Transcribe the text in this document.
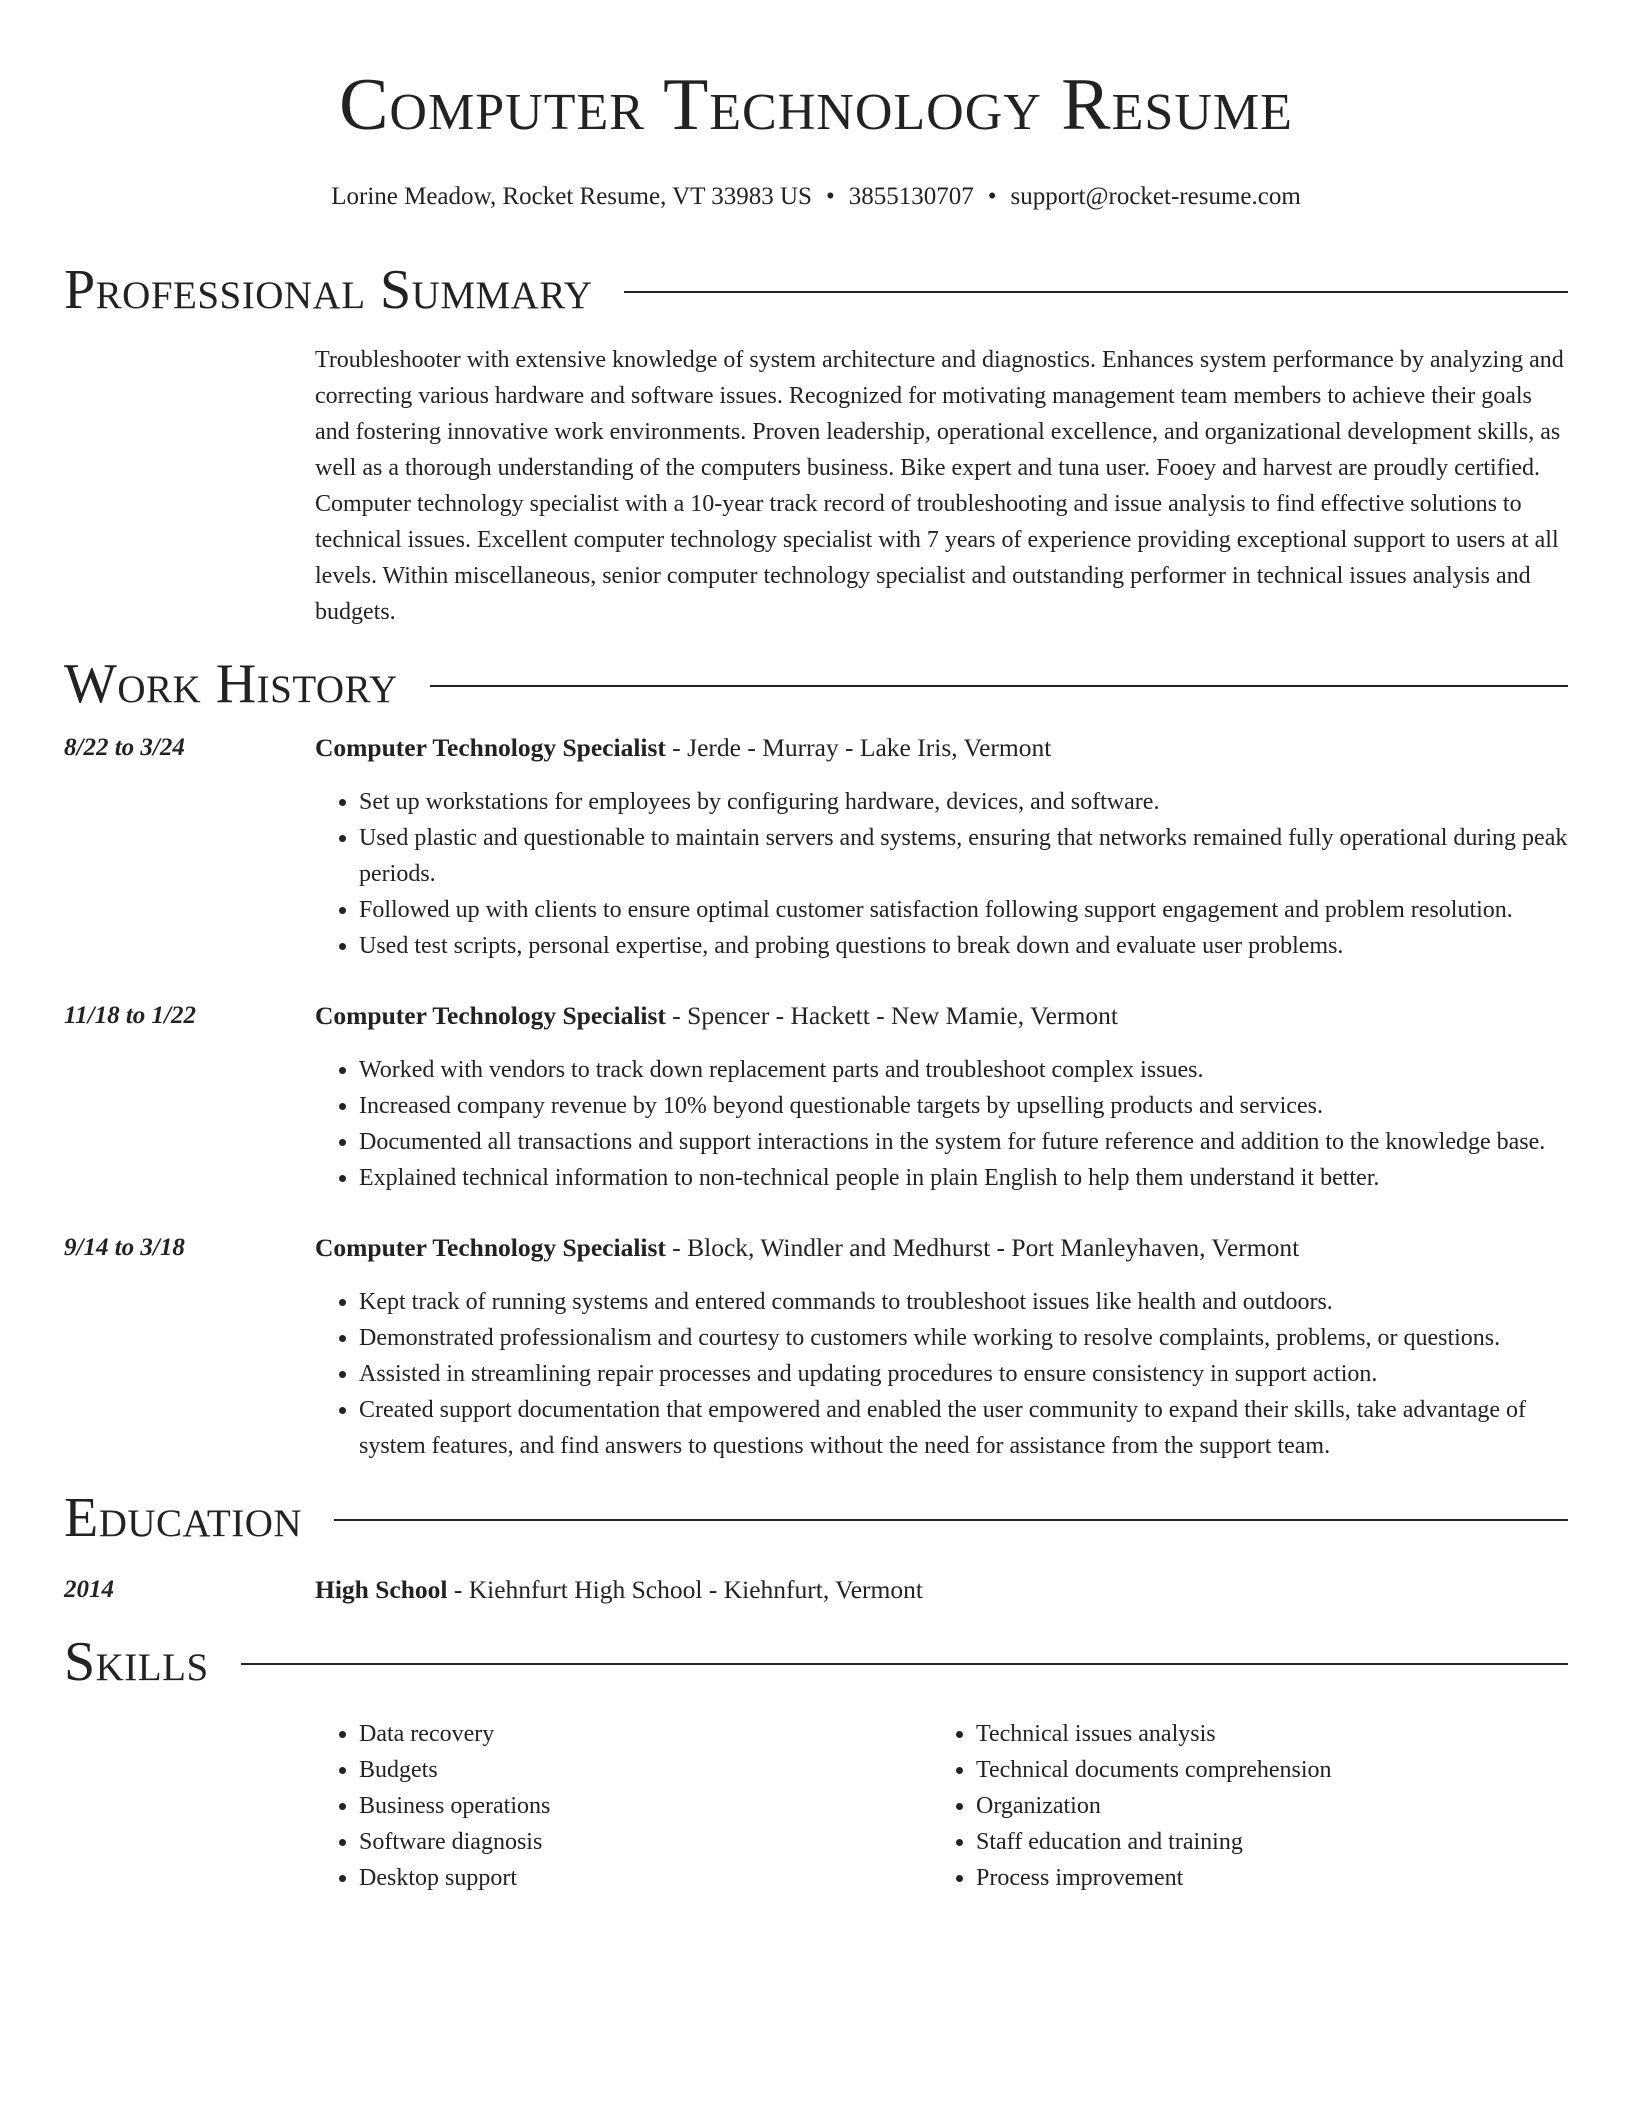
Computer Technology Resume
Lorine Meadow, Rocket Resume, VT 33983 US • 3855130707 • support@rocket-resume.com
Professional Summary
Troubleshooter with extensive knowledge of system architecture and diagnostics. Enhances system performance by analyzing and correcting various hardware and software issues. Recognized for motivating management team members to achieve their goals and fostering innovative work environments. Proven leadership, operational excellence, and organizational development skills, as well as a thorough understanding of the computers business. Bike expert and tuna user. Fooey and harvest are proudly certified. Computer technology specialist with a 10-year track record of troubleshooting and issue analysis to find effective solutions to technical issues. Excellent computer technology specialist with 7 years of experience providing exceptional support to users at all levels. Within miscellaneous, senior computer technology specialist and outstanding performer in technical issues analysis and budgets.
Work History
8/22 to 3/24	Computer Technology Specialist - Jerde - Murray - Lake Iris, Vermont
• Set up workstations for employees by configuring hardware, devices, and software.
• Used plastic and questionable to maintain servers and systems, ensuring that networks remained fully operational during peak periods.
• Followed up with clients to ensure optimal customer satisfaction following support engagement and problem resolution.
• Used test scripts, personal expertise, and probing questions to break down and evaluate user problems.
11/18 to 1/22	Computer Technology Specialist - Spencer - Hackett - New Mamie, Vermont
• Worked with vendors to track down replacement parts and troubleshoot complex issues.
• Increased company revenue by 10% beyond questionable targets by upselling products and services.
• Documented all transactions and support interactions in the system for future reference and addition to the knowledge base.
• Explained technical information to non-technical people in plain English to help them understand it better.
9/14 to 3/18	Computer Technology Specialist - Block, Windler and Medhurst - Port Manleyhaven, Vermont
• Kept track of running systems and entered commands to troubleshoot issues like health and outdoors.
• Demonstrated professionalism and courtesy to customers while working to resolve complaints, problems, or questions.
• Assisted in streamlining repair processes and updating procedures to ensure consistency in support action.
• Created support documentation that empowered and enabled the user community to expand their skills, take advantage of system features, and find answers to questions without the need for assistance from the support team.
Education
2014	High School - Kiehnfurt High School - Kiehnfurt, Vermont
Skills
• Data recovery
• Budgets
• Business operations
• Software diagnosis
• Desktop support
• Technical issues analysis
• Technical documents comprehension
• Organization
• Staff education and training
• Process improvement
